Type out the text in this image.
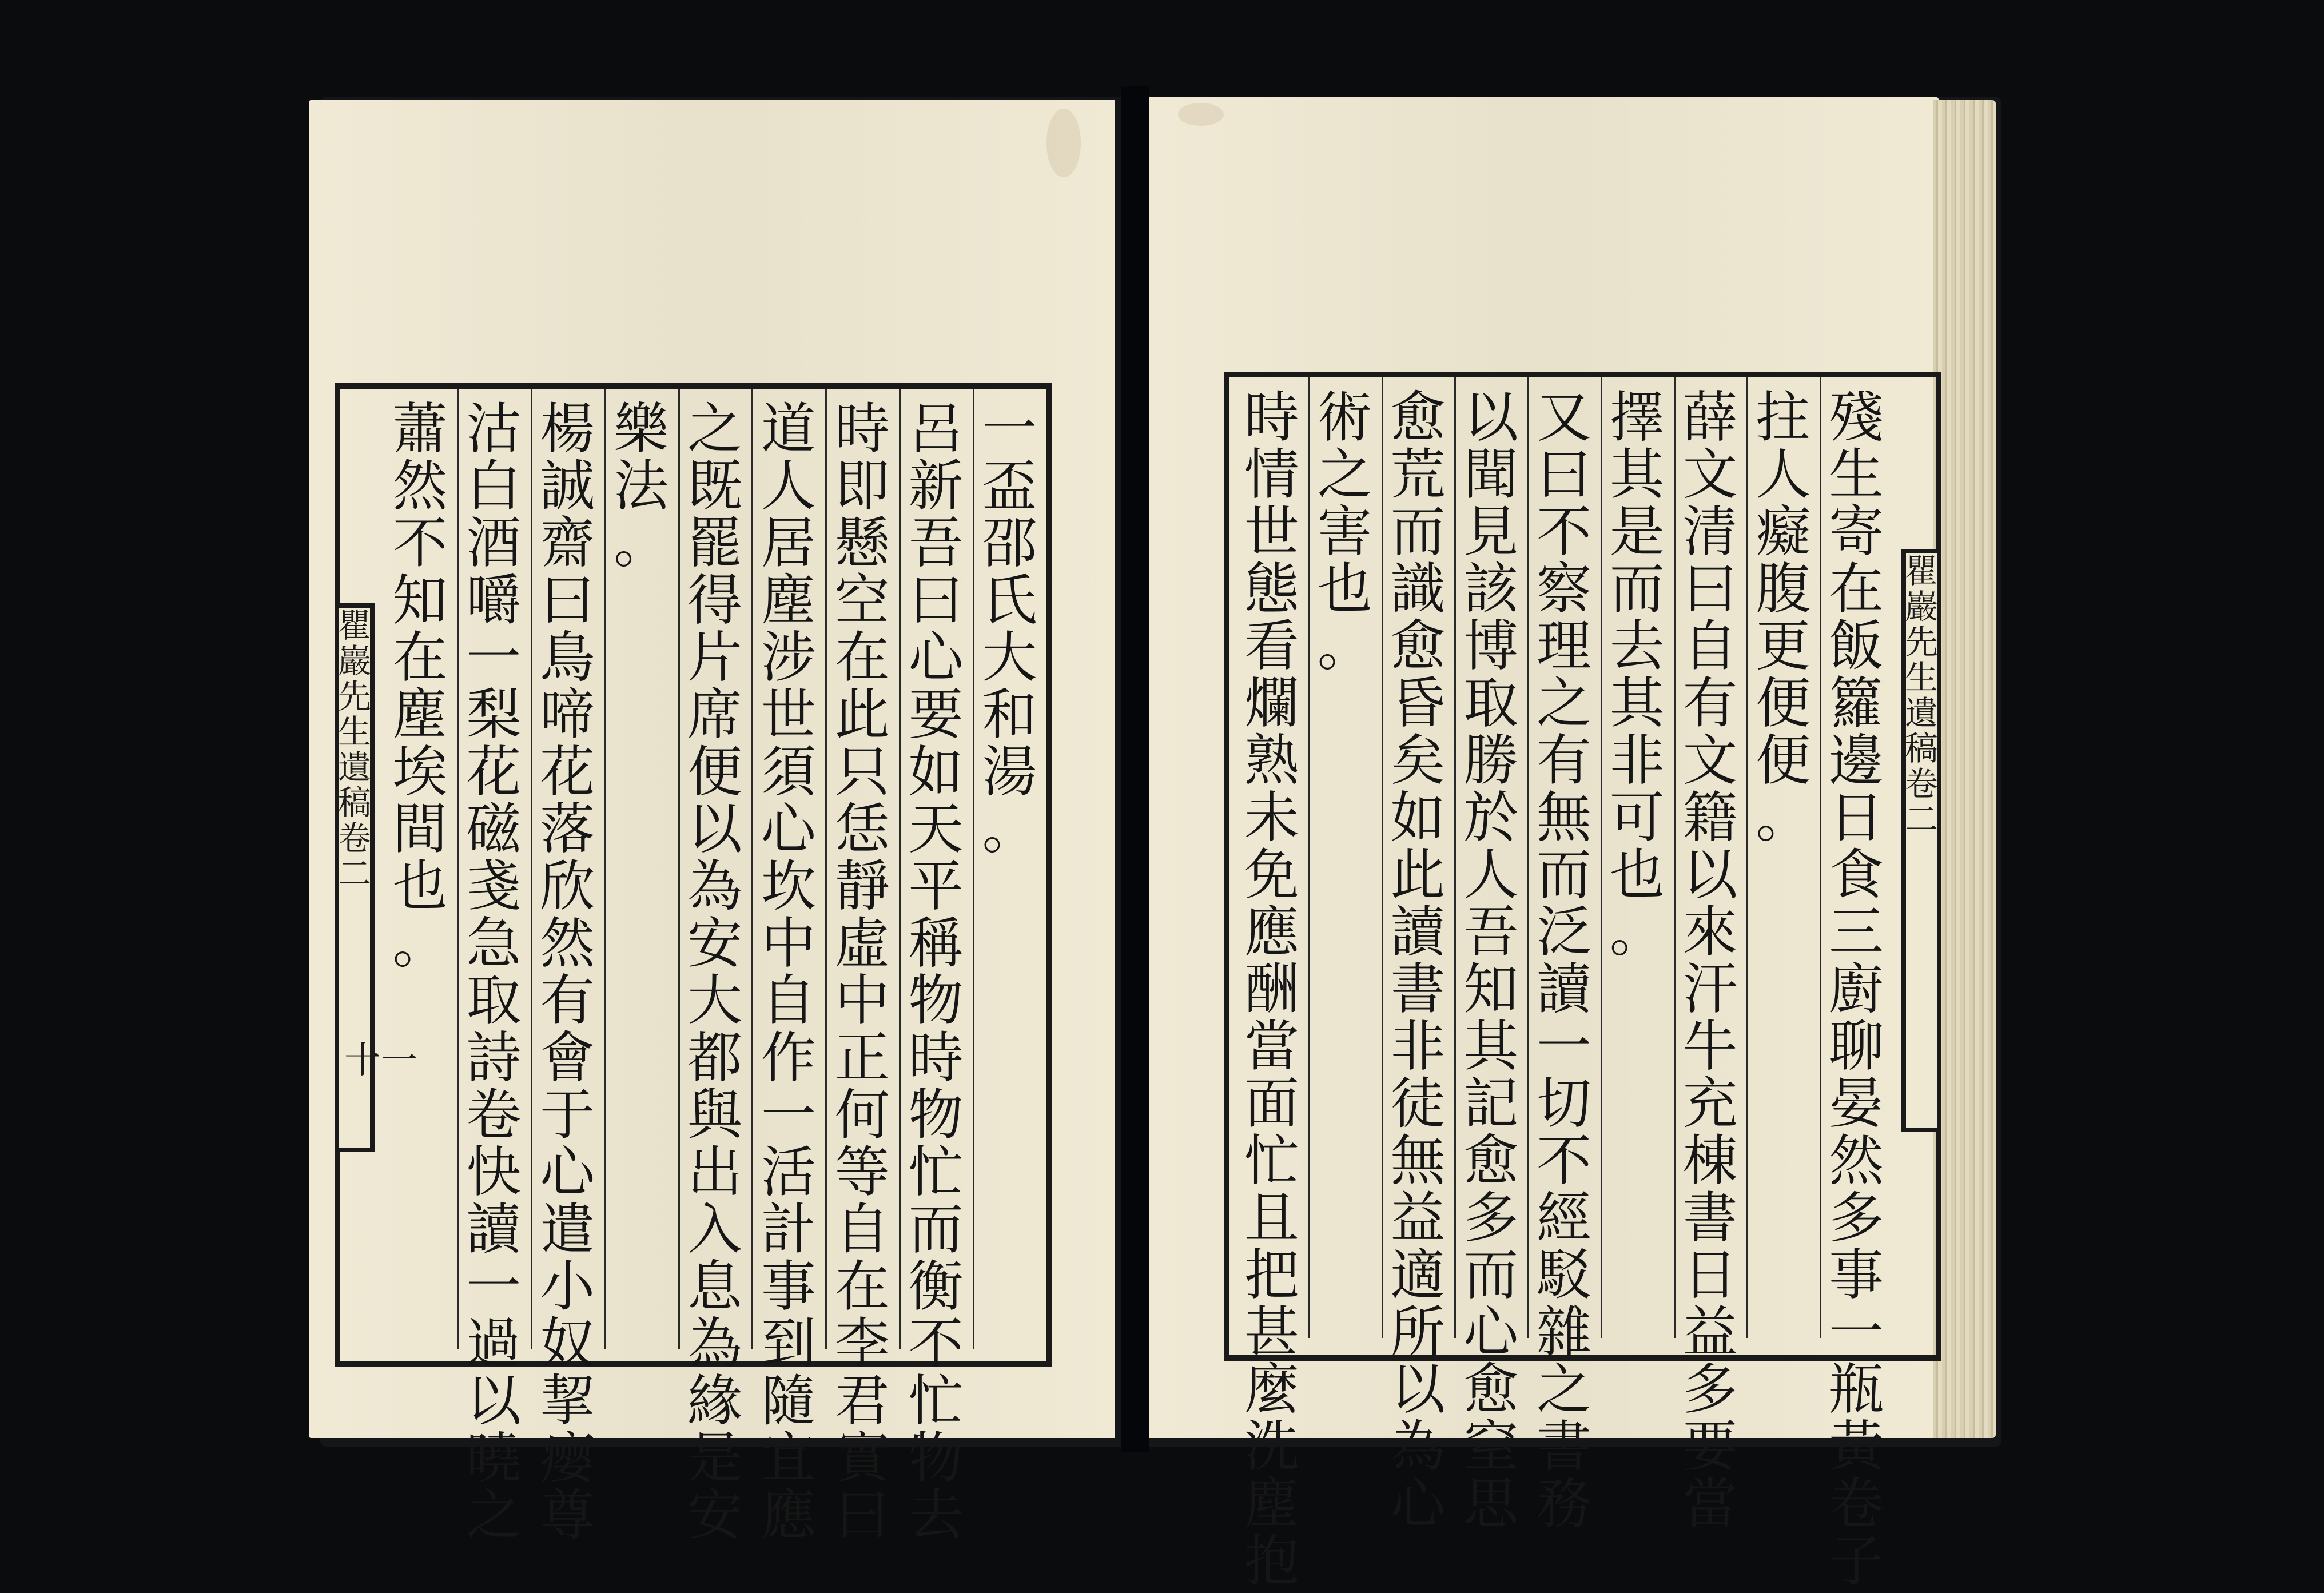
一
盃
邵
氏
大
和
湯
。
呂
新
吾
曰
心
要
如
天
平
稱
物
時
物
忙
而
衡
不
忙
物
去
時
即
懸
空
在
此
只
恁
靜
虛
中
正
何
等
自
在
李
君
實
曰
道
人
居
塵
涉
世
須
心
坎
中
自
作
一
活
計
事
到
隨
宜
應
之
既
罷
得
片
席
便
以
為
安
大
都
與
出
入
息
為
緣
是
安
樂
法
。
楊
誠
齋
曰
鳥
啼
花
落
欣
然
有
會
于
心
遣
小
奴
挈
瘿
尊
沽
白
酒
嚼
一
梨
花
磁
戔
急
取
詩
卷
快
讀
一
過
以
曉
之
蕭
然
不
知
在
塵
埃
間
也
。
瞿巖先生遺稿卷二
十一
殘
生
寄
在
飯
籮
邊
日
食
三
廚
聊
晏
然
多
事
一
瓶
黃
卷
子
拄
人
癡
腹
更
便
便
。
薛
文
清
曰
自
有
文
籍
以
來
汗
牛
充
棟
書
日
益
多
要
當
擇
其
是
而
去
其
非
可
也
。
又
曰
不
察
理
之
有
無
而
泛
讀
一
切
不
經
駁
雜
之
書
務
以
聞
見
該
博
取
勝
於
人
吾
知
其
記
愈
多
而
心
愈
窒
思
愈
荒
而
識
愈
昏
矣
如
此
讀
書
非
徒
無
益
適
所
以
為
心
術
之
害
也
。
時
情
世
態
看
爛
熟
未
免
應
酬
當
面
忙
且
把
甚
麼
洗
塵
抱
瞿巖先生遺稿卷二
